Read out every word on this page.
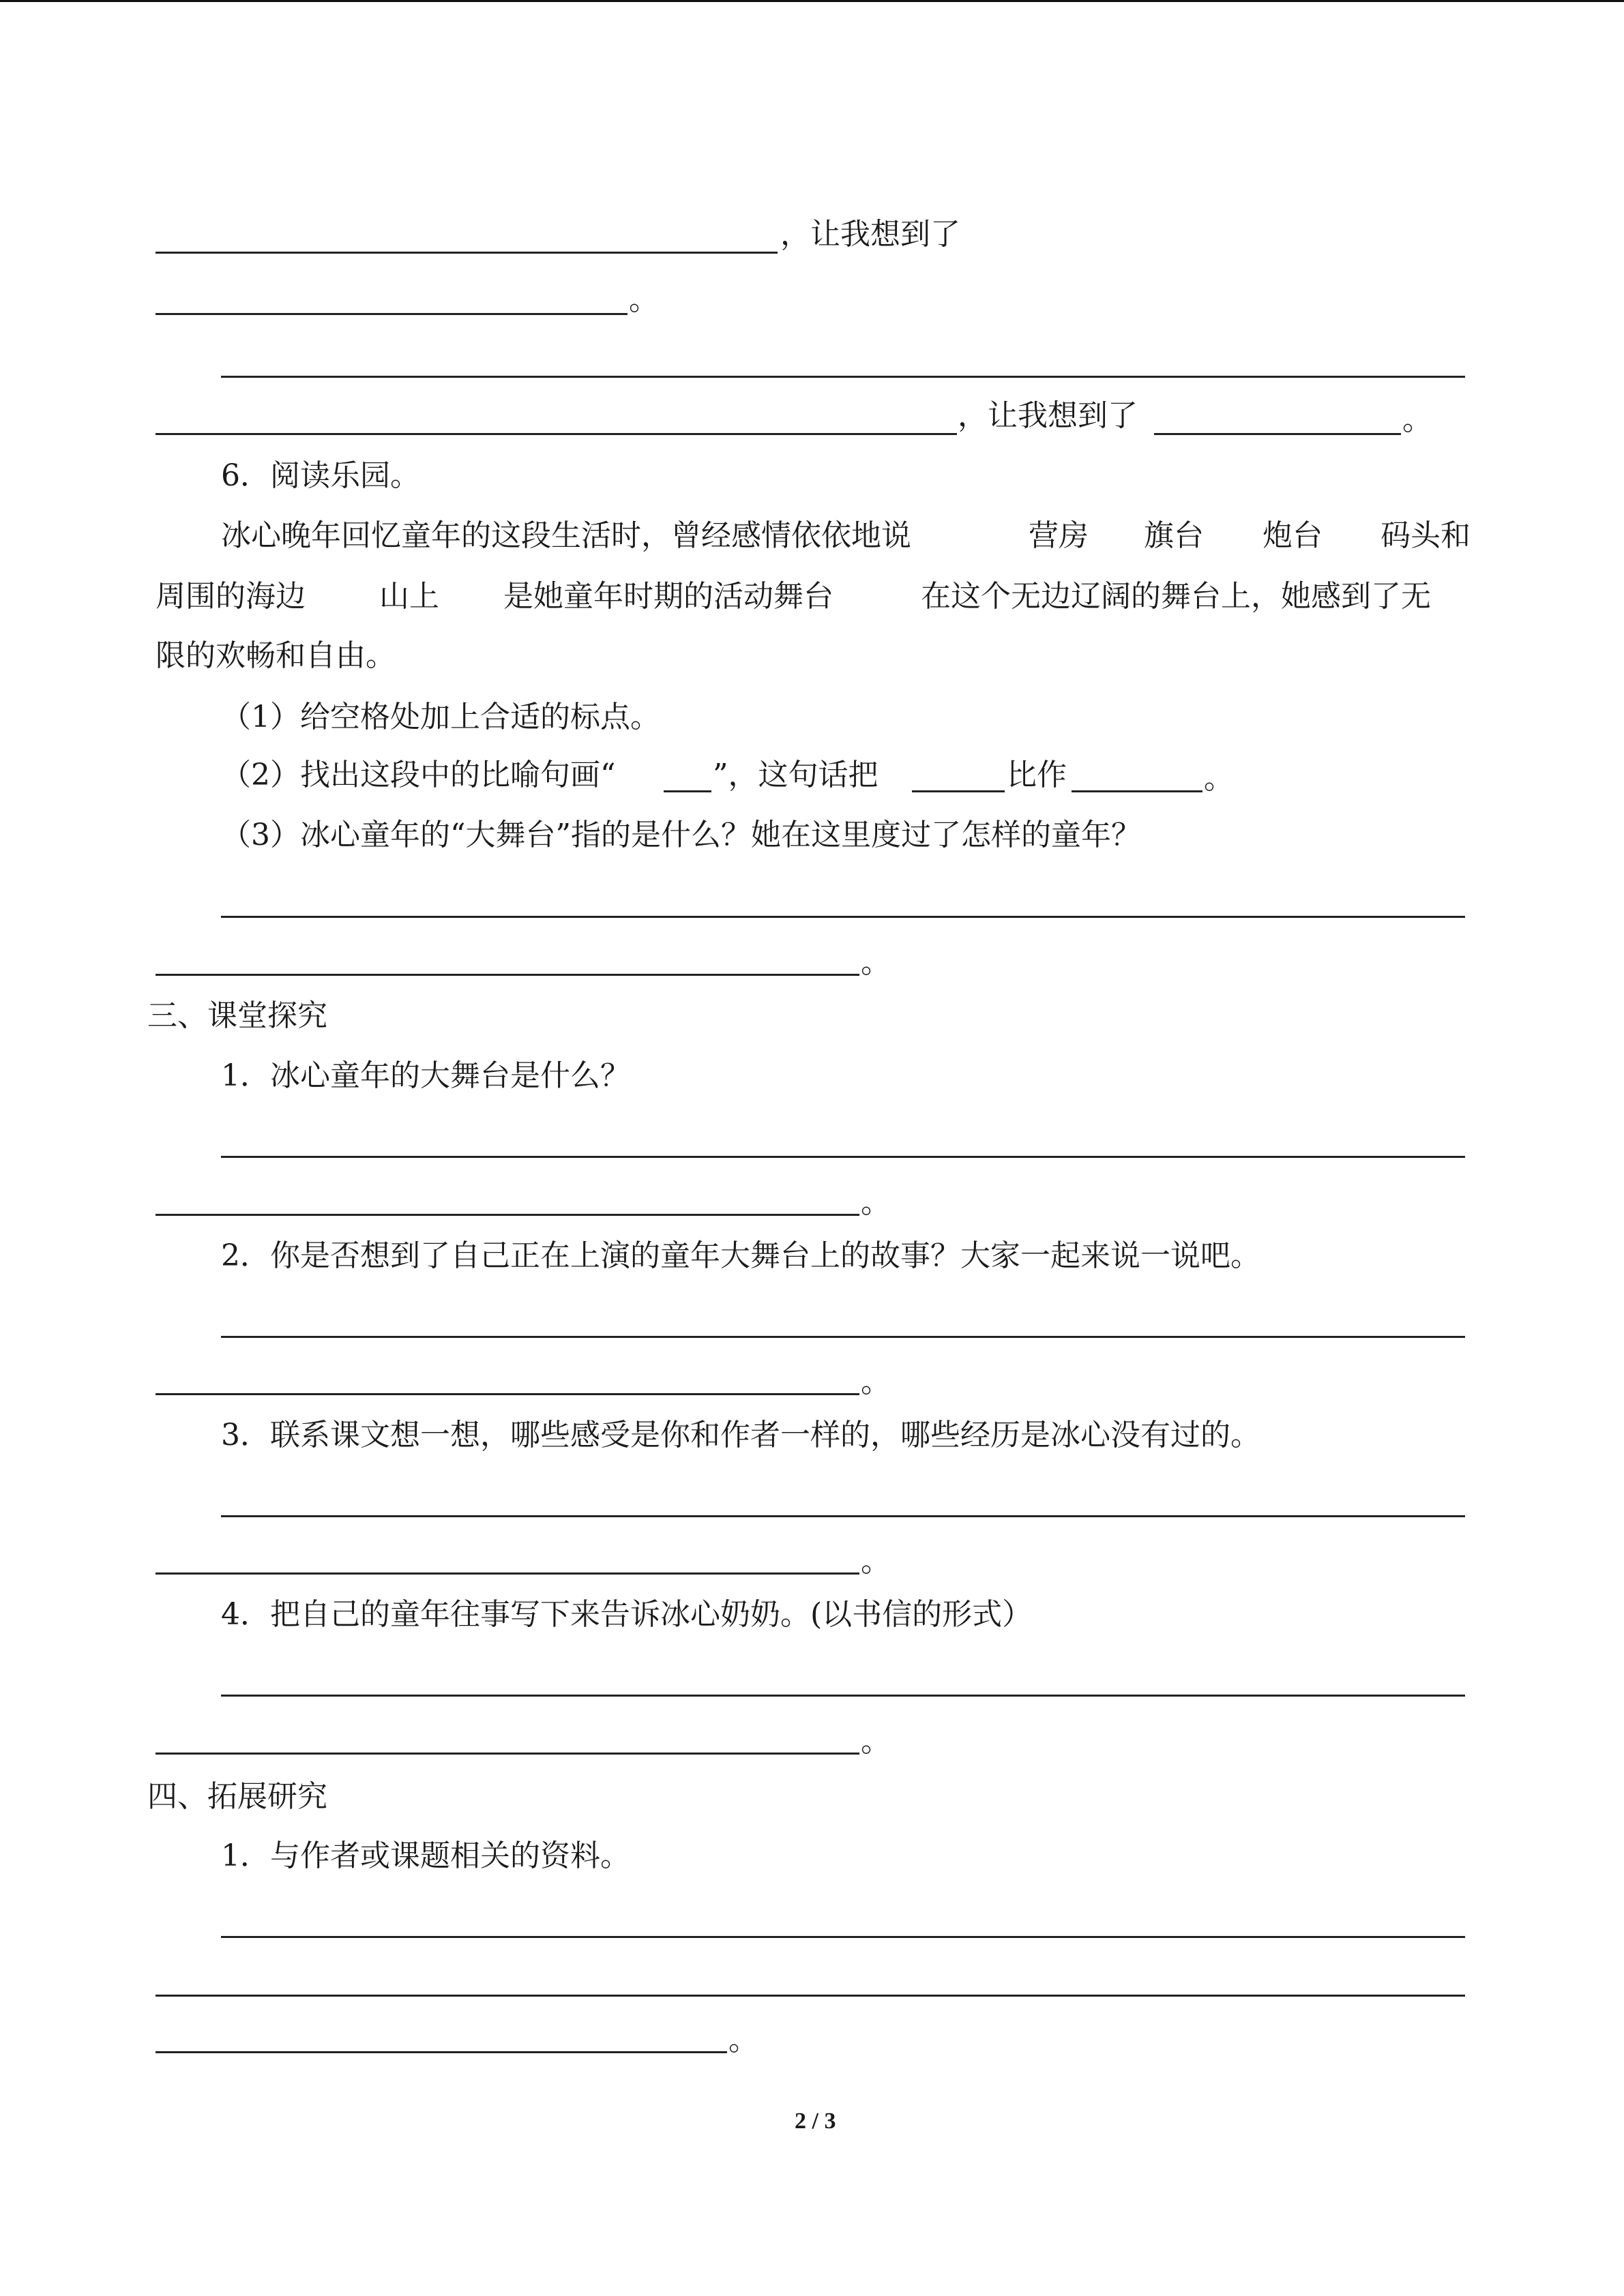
，让我想到了
。
，让我想到了	。
6．阅读乐园。
冰心晚年回忆童年的这段生活时，曾经感情依依地说	营房 旗台 炮台 码头和
周围的海边 山上 是她童年时期的活动舞台	在这个无边辽阔的舞台上，她感到了无
限的欢畅和自由。
（1）给空格处加上合适的标点。
（2）找出这段中的比喻句画“	”，这句话把	比作	。
（3）冰心童年的“大舞台”指的是什么？她在这里度过了怎样的童年？
。
三、课堂探究
1．冰心童年的大舞台是什么？
。
2．你是否想到了自己正在上演的童年大舞台上的故事？大家一起来说一说吧。
。
3．联系课文想一想，哪些感受是你和作者一样的，哪些经历是冰心没有过的。
。
4．把自己的童年往事写下来告诉冰心奶奶。(以书信的形式）
。
四、拓展研究
1．与作者或课题相关的资料。
。
2 / 3
